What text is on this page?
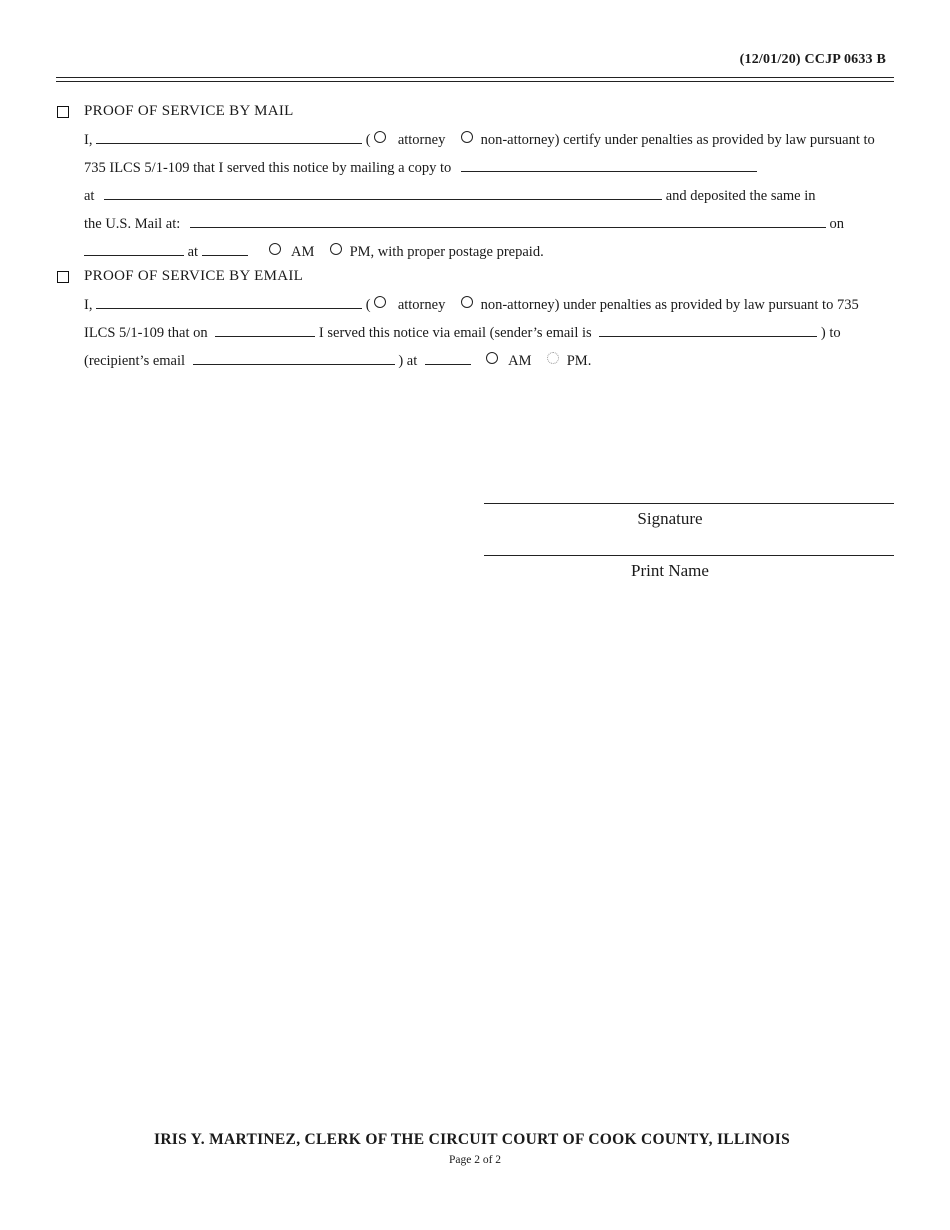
(12/01/20) CCJP 0633 B
PROOF OF SERVICE BY MAIL
I,	( attorney non-attorney) certify under penalties as provided by law pursuant to
735 ILCS 5/1-109 that I served this notice by mailing a copy to
at	and deposited the same in
the U.S. Mail at:	on
at	AM PM, with proper postage prepaid.
PROOF OF SERVICE BY EMAIL
I,	( attorney non-attorney) under penalties as provided by law pursuant to 735
ILCS 5/1-109 that on	I served this notice via email (sender’s email is	) to
(recipient’s email	) at	AM PM.
Signature
Print Name
IRIS Y. MARTINEZ, CLERK OF THE CIRCUIT COURT OF COOK COUNTY, ILLINOIS
Page 2 of 2
